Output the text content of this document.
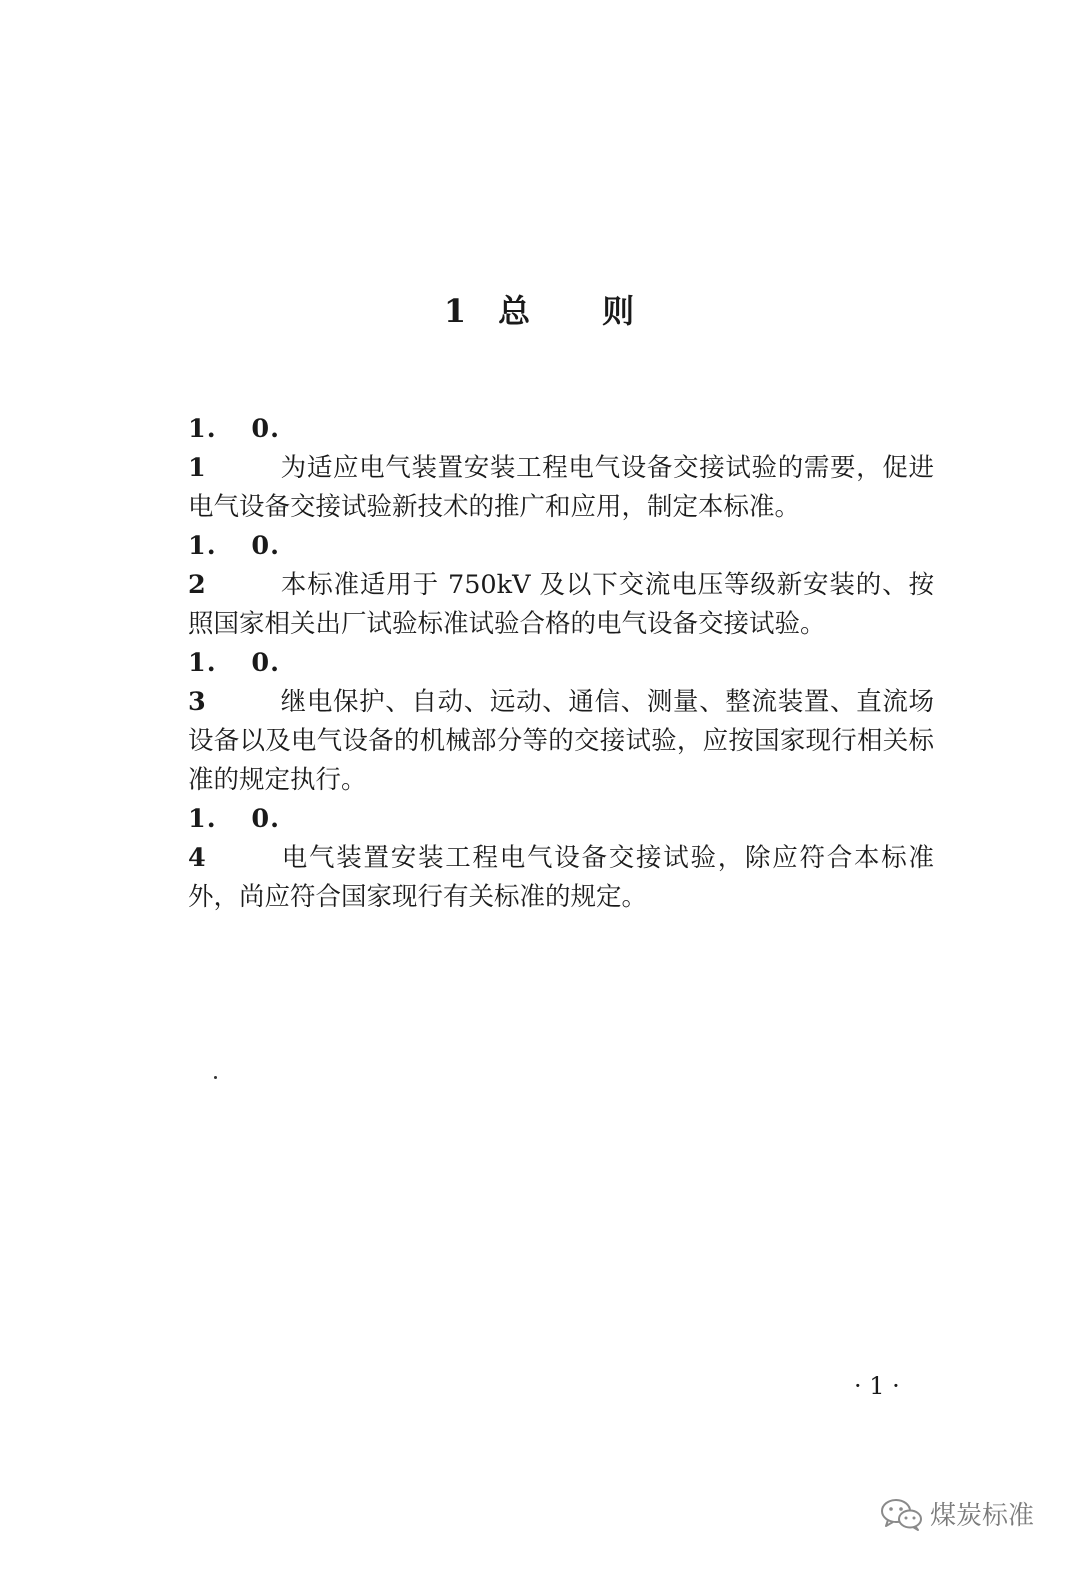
1 总 则

1. 0. 1	为适应电气装置安装工程电气设备交接试验的需要，促进电气设备交接试验新技术的推广和应用，制定本标准。

1. 0. 2	本标准适用于 750kV 及以下交流电压等级新安装的、按照国家相关出厂试验标准试验合格的电气设备交接试验。

1. 0. 3	继电保护、自动、远动、通信、测量、整流装置、直流场设备以及电气设备的机械部分等的交接试验，应按国家现行相关标准的规定执行。

1. 0. 4	电气装置安装工程电气设备交接试验，除应符合本标准外，尚应符合国家现行有关标准的规定。

· 1 ·
煤炭标准
